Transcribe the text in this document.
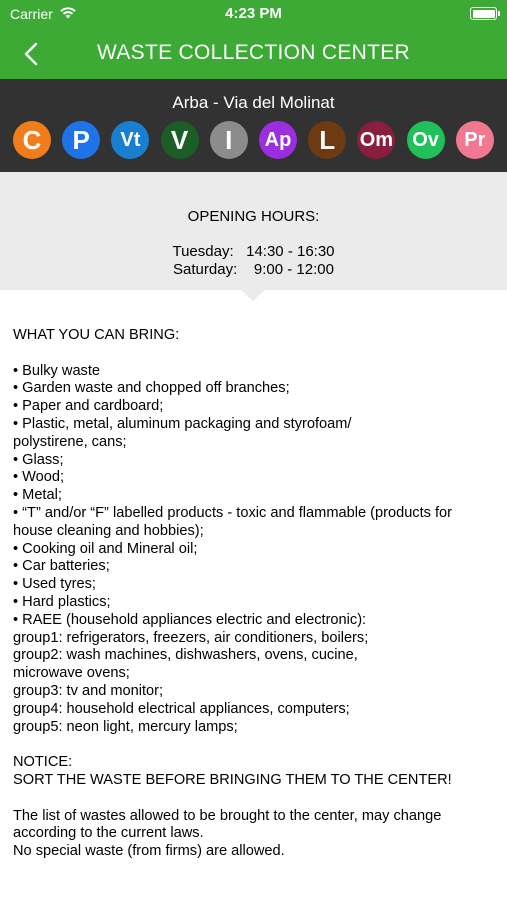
Carrier	4:23 PM
WASTE COLLECTION CENTER
Arba - Via del Molinat
C P Vt V I Ap L Om Ov Pr
OPENING HOURS:
Tuesday:   14:30 - 16:30
Saturday:    9:00 - 12:00

WHAT YOU CAN BRING:

• Bulky waste

• Garden waste and chopped off branches;

• Paper and cardboard;

• Plastic, metal, aluminum packaging and styrofoam/

polystirene, cans;

• Glass;

• Wood;

• Metal;

• “T” and/or “F” labelled products - toxic and flammable (products for

house cleaning and hobbies);

• Cooking oil and Mineral oil;

• Car batteries;

• Used tyres;

• Hard plastics;

• RAEE (household appliances electric and electronic):

group1: refrigerators, freezers, air conditioners, boilers;

group2: wash machines, dishwashers, ovens, cucine,

microwave ovens;

group3: tv and monitor;

group4: household electrical appliances, computers;

group5: neon light, mercury lamps;

NOTICE:

SORT THE WASTE BEFORE BRINGING THEM TO THE CENTER!

The list of wastes allowed to be brought to the center, may change

according to the current laws.

No special waste (from firms) are allowed.
